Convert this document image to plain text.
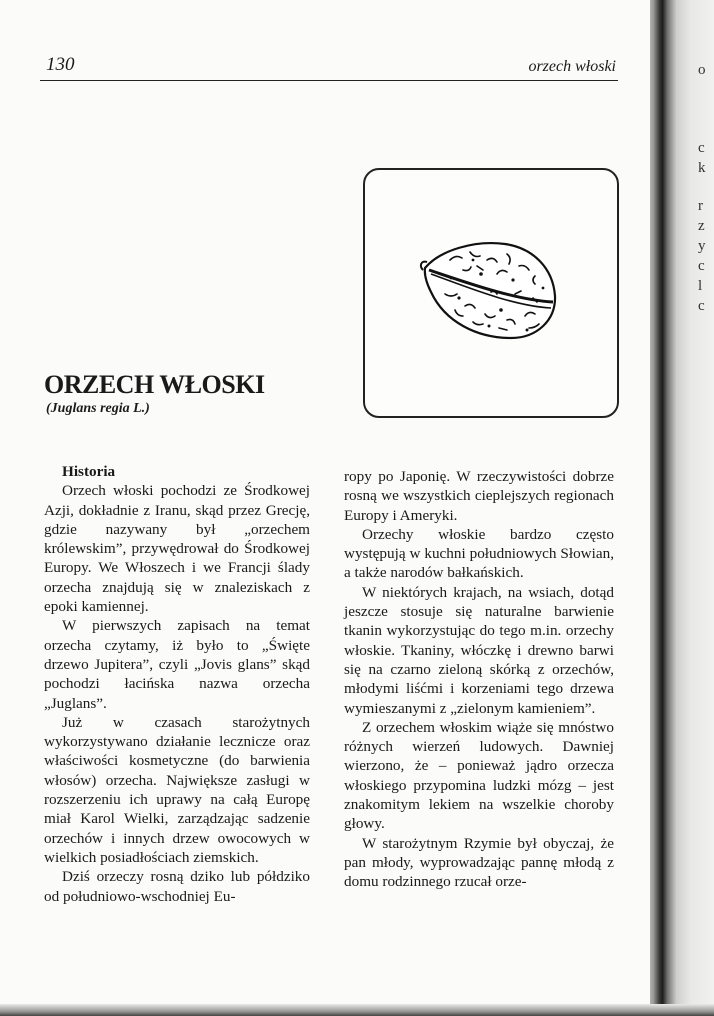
130	orzech włoski
ORZECH WŁOSKI
(Juglans regia L.)
Historia

Orzech włoski pochodzi ze Środkowej Azji, dokładnie z Iranu, skąd przez Grecję, gdzie nazywany był „orzechem królewskim”, przywędrował do Środkowej Europy. We Włoszech i we Francji ślady orzecha znajdują się w znaleziskach z epoki kamiennej.

W pierwszych zapisach na temat orzecha czytamy, iż było to „Święte drzewo Jupitera”, czyli „Jovis glans” skąd pochodzi łacińska nazwa orzecha „Juglans”.

Już w czasach starożytnych wykorzystywano działanie lecznicze oraz właściwości kosmetyczne (do barwienia włosów) orzecha. Największe zasługi w rozszerzeniu ich uprawy na całą Europę miał Karol Wielki, zarządzając sadzenie orzechów i innych drzew owocowych w wielkich posiadłościach ziemskich.

Dziś orzeczy rosną dziko lub półdziko od południowo-wschodniej Eu-

ropy po Japonię. W rzeczywistości dobrze rosną we wszystkich cieplejszych regionach Europy i Ameryki.

Orzechy włoskie bardzo często występują w kuchni południowych Słowian, a także narodów bałkańskich.

W niektórych krajach, na wsiach, dotąd jeszcze stosuje się naturalne barwienie tkanin wykorzystując do tego m.in. orzechy włoskie. Tkaniny, włóczkę i drewno barwi się na czarno zieloną skórką z orzechów, młodymi liśćmi i korzeniami tego drzewa wymieszanymi z „zielonym kamieniem”.

Z orzechem włoskim wiąże się mnóstwo różnych wierzeń ludowych. Dawniej wierzono, że – ponieważ jądro orzecza włoskiego przypomina ludzki mózg – jest znakomitym lekiem na wszelkie choroby głowy.

W starożytnym Rzymie był obyczaj, że pan młody, wyprowadzając pannę młodą z domu rodzinnego rzucał orze-

o
c
k
r
z
y
c
l
c
